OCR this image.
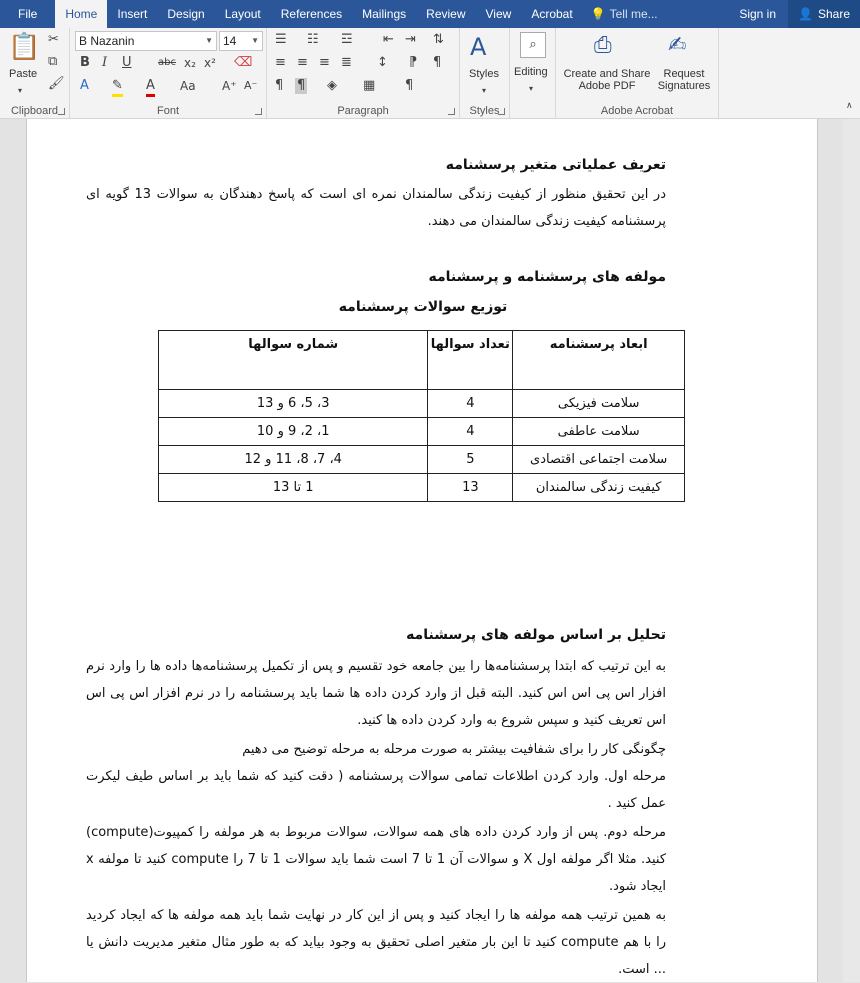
File	Home	Insert	Design	Layout	References	Mailings	Review	View	Acrobat	💡 Tell me...	Sign in	👤 Share
📋
Paste
▾
✂
⧉
🖌
Clipboard
B Nazanin	▼ 14 ▼
B I U	abc x₂ x² ⌫
A ✎ A Aa A⁺ A⁻
Font
☰ ☷ ☲ ⇤ ⇥ ⇅
≡ ≡ ≡ ≣ ↕ ⁋ ¶
¶ ¶ ◈ ▦ ¶
Paragraph
A
Styles
▾
Styles
⌕
Editing
▾
⎙
Create and Share
Adobe PDF
✍
Request
Signatures
Adobe Acrobat	∧
تعریف عملیاتی متغیر پرسشنامه
در این تحقیق منظور از کیفیت زندگی سالمندان نمره ای است که پاسخ دهندگان به سوالات 13 گویه ای پرسشنامه کیفیت زندگی سالمندان می دهند.
مولفه های پرسشنامه و پرسشنامه
توزیع سوالات پرسشنامه
ابعاد پرسشنامه	تعداد سوالها	شماره سوالها
سلامت فیزیکی	4	3، 5، 6 و 13
سلامت عاطفی	4	1، 2، 9 و 10
سلامت اجتماعی اقتصادی	5	4، 7، 8، 11 و 12
کیفیت زندگی سالمندان	13	1 تا 13
تحلیل بر اساس مولفه های پرسشنامه
به این ترتیب که ابتدا پرسشنامه‌ها را بین جامعه خود تقسیم و پس از تکمیل پرسشنامه‌ها داده ها را وارد نرم افزار اس پی اس اس کنید. البته قبل از وارد کردن داده ها شما باید پرسشنامه را در نرم افزار اس پی اس اس تعریف کنید و سپس شروع به وارد کردن داده ها کنید.
چگونگی کار را برای شفافیت بیشتر به صورت مرحله به مرحله توضیح می دهیم
مرحله اول. وارد کردن اطلاعات تمامی سوالات پرسشنامه ( دقت کنید که شما باید بر اساس طیف لیکرت عمل کنید .
مرحله دوم. پس از وارد کردن داده های همه سوالات، سوالات مربوط به هر مولفه را کمپیوت(compute) کنید. مثلا اگر مولفه اول X و سوالات آن 1 تا 7 است شما باید سوالات 1 تا 7 را compute کنید تا مولفه x ایجاد شود.
به همین ترتیب همه مولفه ها را ایجاد کنید و پس از این کار در نهایت شما باید همه مولفه ها که ایجاد کردید را با هم compute کنید تا این بار متغیر اصلی تحقیق به وجود بیاید که به طور مثال متغیر مدیریت دانش یا ... است.
